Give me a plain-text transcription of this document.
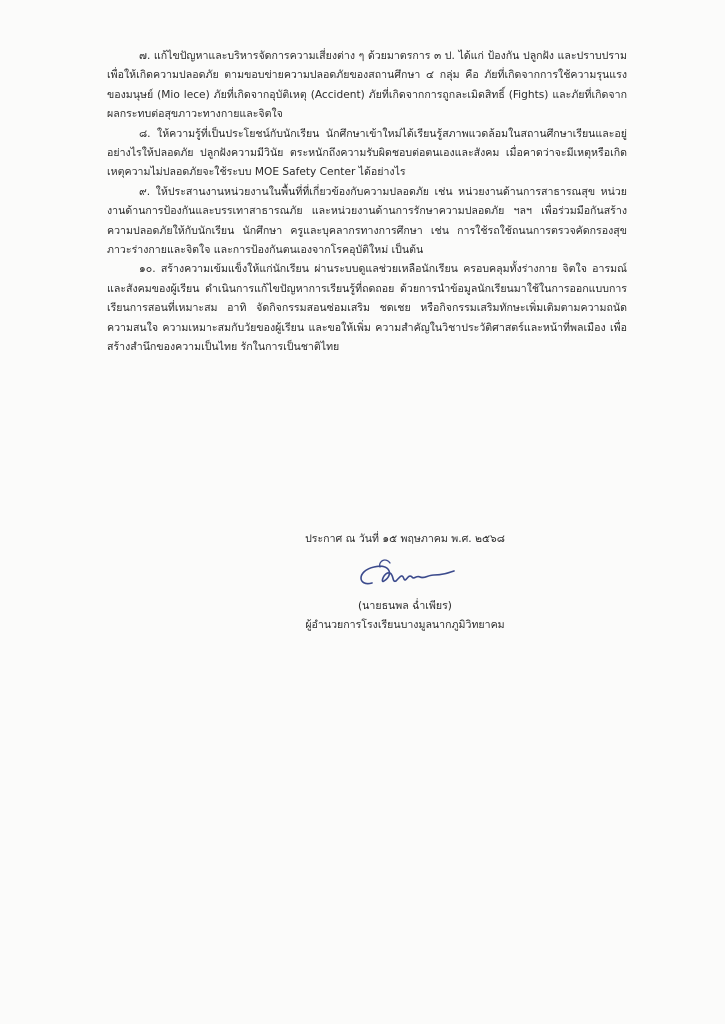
๗. แก้ไขปัญหาและบริหารจัดการความเสี่ยงต่าง ๆ ด้วยมาตรการ ๓ ป. ได้แก่ ป้องกัน ปลูกฝัง และปราบปราม เพื่อให้เกิดความปลอดภัย ตามขอบข่ายความปลอดภัยของสถานศึกษา ๔ กลุ่ม คือ ภัยที่เกิดจากการใช้ความรุนแรงของมนุษย์ (Mio lece) ภัยที่เกิดจากอุบัติเหตุ (Accident) ภัยที่เกิดจากการถูกละเมิดสิทธิ์ (Fights) และภัยที่เกิดจากผลกระทบต่อสุขภาวะทางกายและจิตใจ

๘. ให้ความรู้ที่เป็นประโยชน์กับนักเรียน นักศึกษาเข้าใหม่ได้เรียนรู้สภาพแวดล้อมในสถานศึกษาเรียนและอยู่อย่างไรให้ปลอดภัย ปลูกฝังความมีวินัย ตระหนักถึงความรับผิดชอบต่อตนเองและสังคม เมื่อคาดว่าจะมีเหตุหรือเกิดเหตุความไม่ปลอดภัยจะใช้ระบบ MOE Safety Center ได้อย่างไร

๙. ให้ประสานงานหน่วยงานในพื้นที่ที่เกี่ยวข้องกับความปลอดภัย เช่น หน่วยงานด้านการสาธารณสุข หน่วยงานด้านการป้องกันและบรรเทาสาธารณภัย และหน่วยงานด้านการรักษาความปลอดภัย ฯลฯ เพื่อร่วมมือกันสร้างความปลอดภัยให้กับนักเรียน นักศึกษา ครูและบุคลากรทางการศึกษา เช่น การใช้รถใช้ถนนการตรวจคัดกรองสุขภาวะร่างกายและจิตใจ และการป้องกันตนเองจากโรคอุบัติใหม่ เป็นต้น

๑๐. สร้างความเข้มแข็งให้แก่นักเรียน ผ่านระบบดูแลช่วยเหลือนักเรียน ครอบคลุมทั้งร่างกาย จิตใจ อารมณ์ และสังคมของผู้เรียน ดำเนินการแก้ไขปัญหาการเรียนรู้ที่ถดถอย ด้วยการนำข้อมูลนักเรียนมาใช้ในการออกแบบการเรียนการสอนที่เหมาะสม อาทิ จัดกิจกรรมสอนซ่อมเสริม ชดเชย หรือกิจกรรมเสริมทักษะเพิ่มเติมตามความถนัด ความสนใจ ความเหมาะสมกับวัยของผู้เรียน และขอให้เพิ่ม ความสำคัญในวิชาประวัติศาสตร์และหน้าที่พลเมือง เพื่อสร้างสำนึกของความเป็นไทย รักในการเป็นชาติไทย

ประกาศ ณ วันที่ ๑๕ พฤษภาคม พ.ศ. ๒๕๖๘

(นายธนพล ฉ่ำเพียร)

ผู้อำนวยการโรงเรียนบางมูลนากภูมิวิทยาคม
